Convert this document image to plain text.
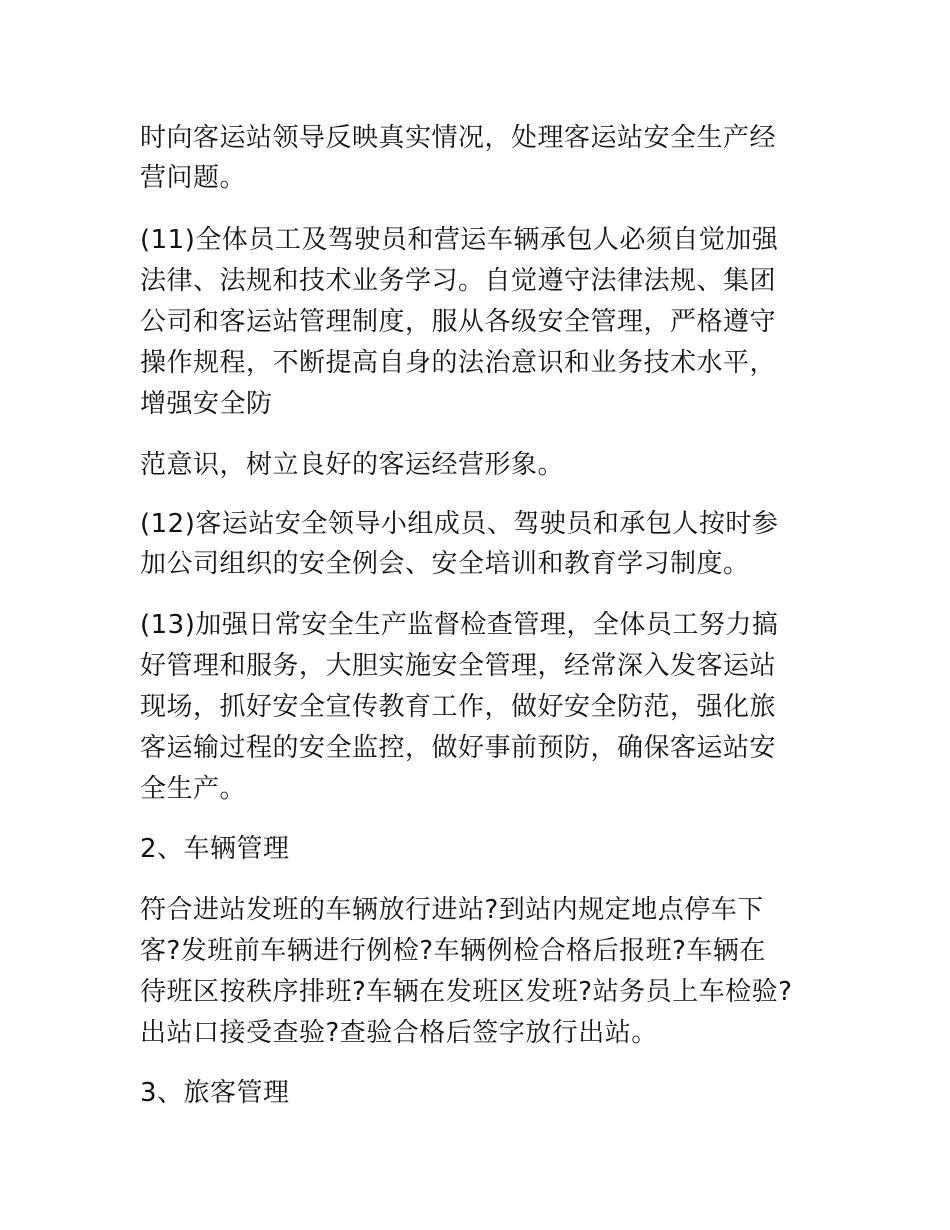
时向客运站领导反映真实情况，处理客运站安全生产经
营问题。
(11)全体员工及驾驶员和营运车辆承包人必须自觉加强
法律、法规和技术业务学习。自觉遵守法律法规、集团
公司和客运站管理制度，服从各级安全管理，严格遵守
操作规程，不断提高自身的法治意识和业务技术水平，
增强安全防
范意识，树立良好的客运经营形象。
(12)客运站安全领导小组成员、驾驶员和承包人按时参
加公司组织的安全例会、安全培训和教育学习制度。
(13)加强日常安全生产监督检查管理，全体员工努力搞
好管理和服务，大胆实施安全管理，经常深入发客运站
现场，抓好安全宣传教育工作，做好安全防范，强化旅
客运输过程的安全监控，做好事前预防，确保客运站安
全生产。
2、车辆管理
符合进站发班的车辆放行进站?到站内规定地点停车下
客?发班前车辆进行例检?车辆例检合格后报班?车辆在
待班区按秩序排班?车辆在发班区发班?站务员上车检验?
出站口接受查验?查验合格后签字放行出站。
3、旅客管理
